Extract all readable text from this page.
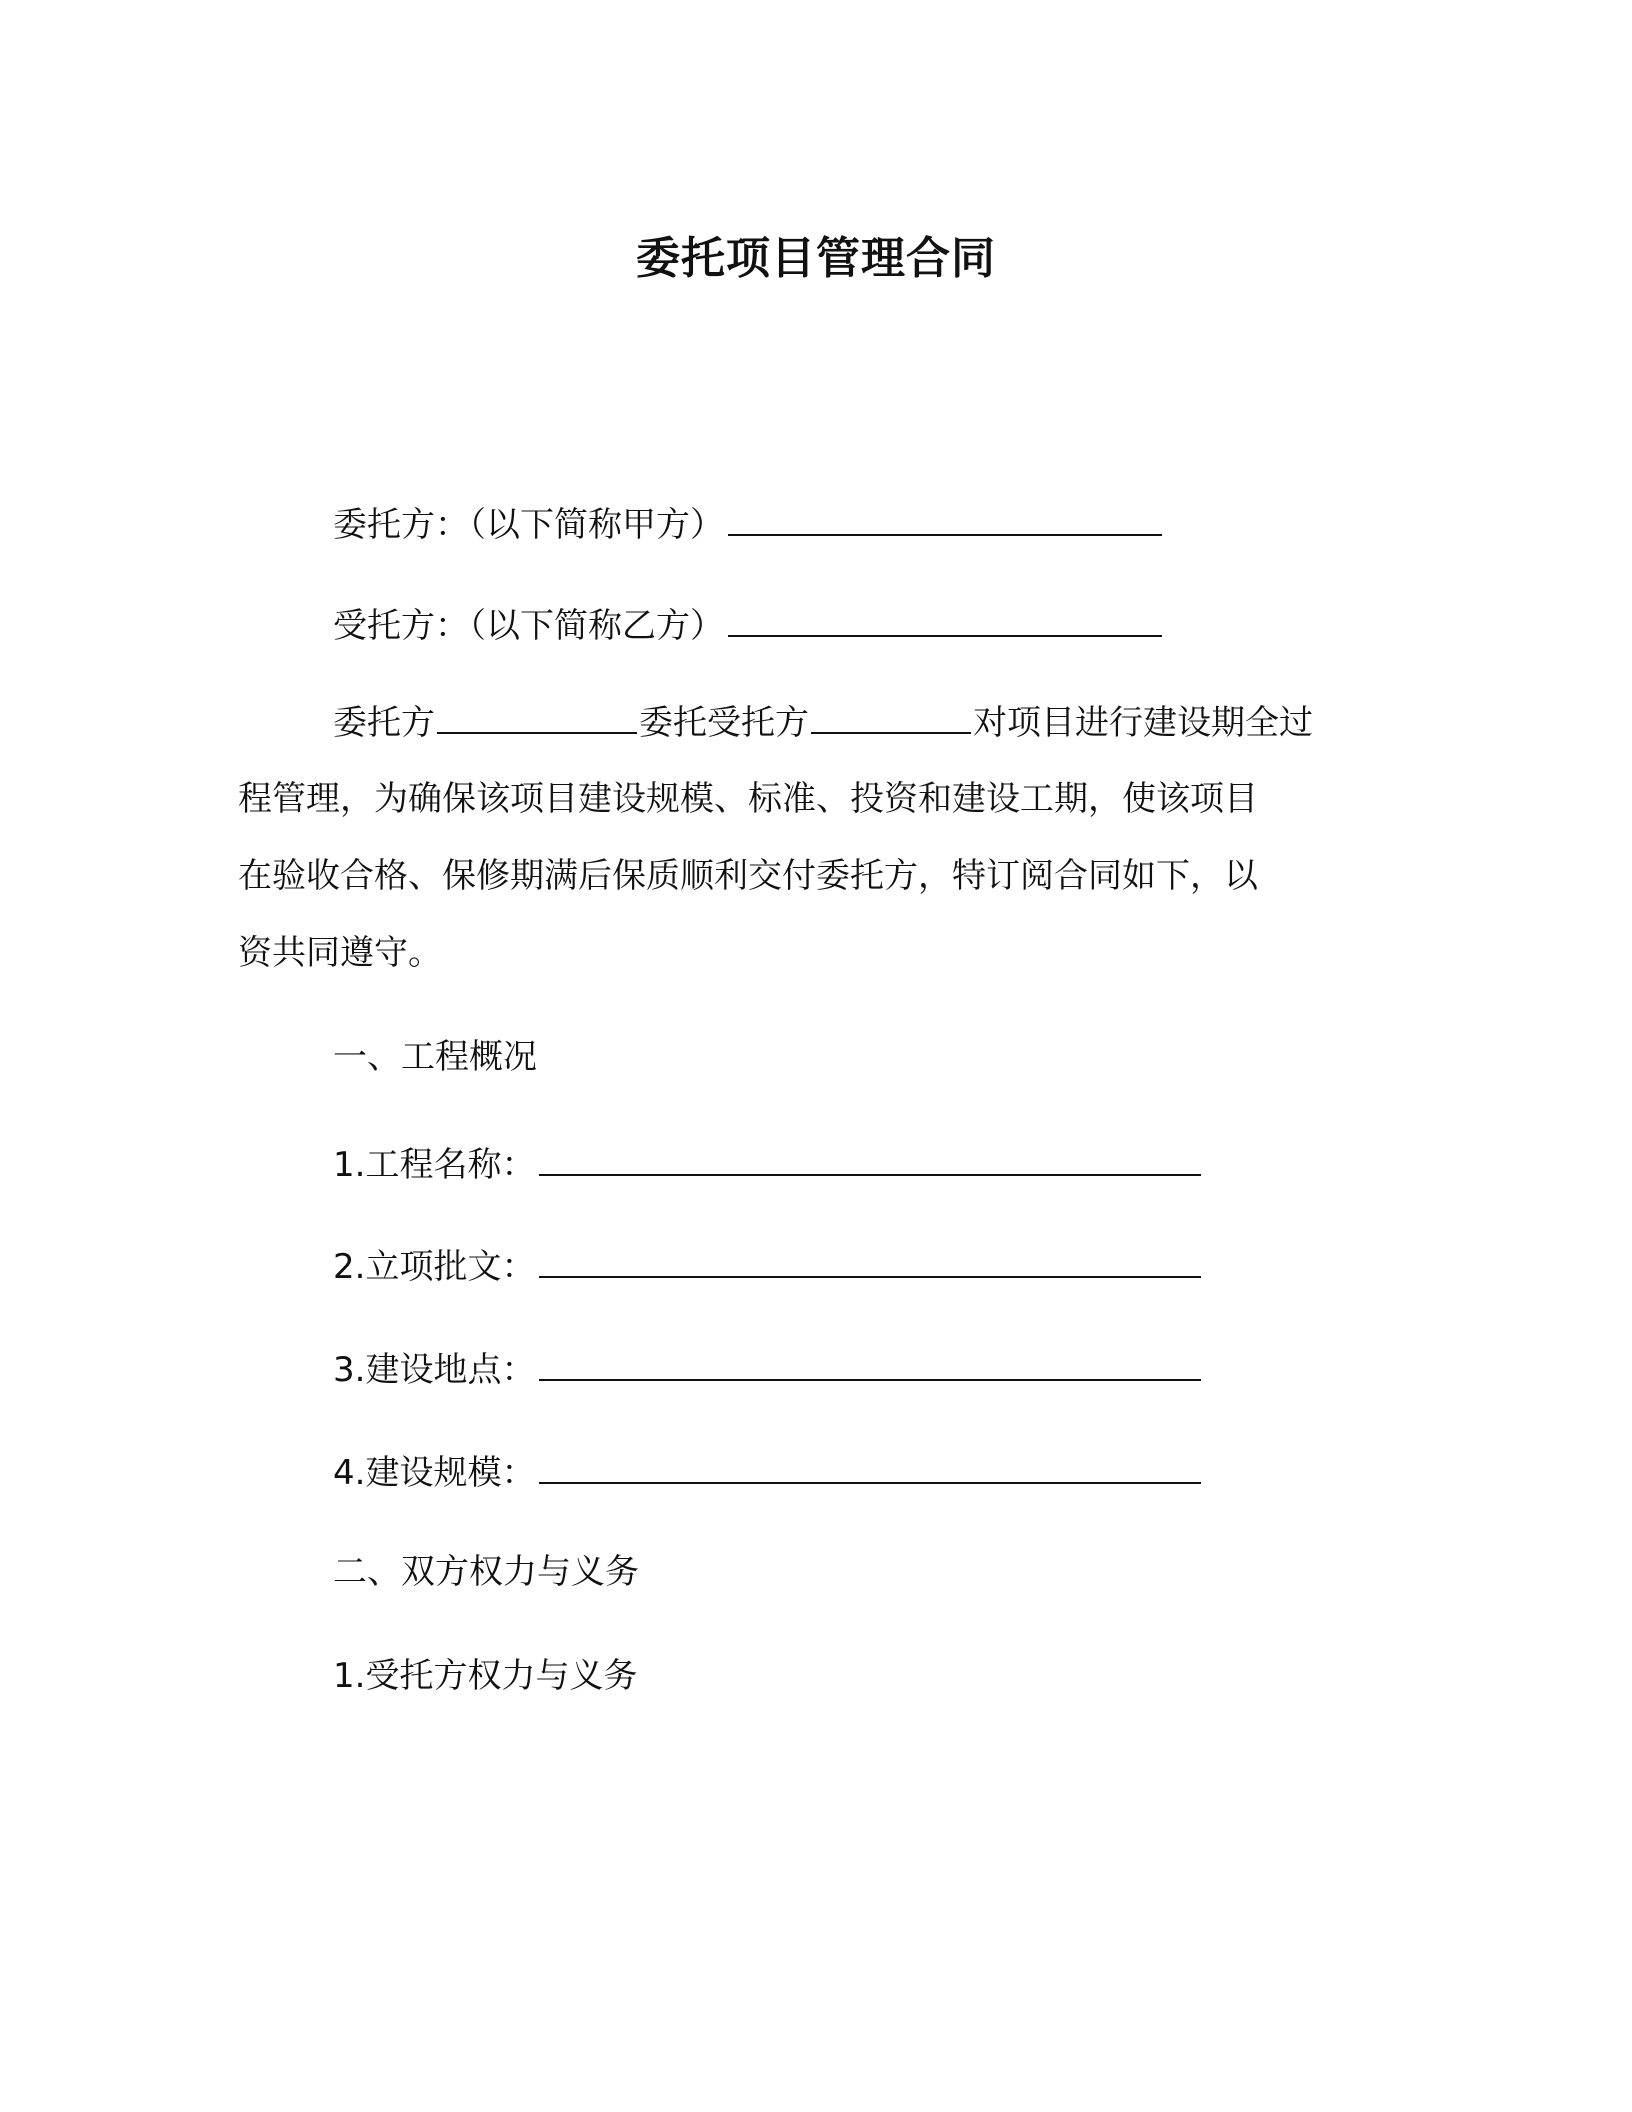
委托项目管理合同
委托方：（以下简称甲方）
受托方：（以下简称乙方）
委托方	委托受托方	对项目进行建设期全过
程管理，为确保该项目建设规模、标准、投资和建设工期，使该项目
在验收合格、保修期满后保质顺利交付委托方，特订阅合同如下，以
资共同遵守。
一、工程概况
1.工程名称：
2.立项批文：
3.建设地点：
4.建设规模：
二、双方权力与义务
1.受托方权力与义务
